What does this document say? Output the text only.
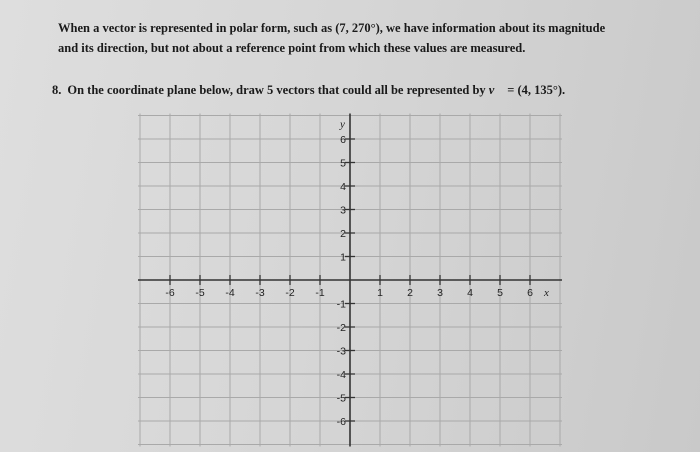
When a vector is represented in polar form, such as (7, 270°), we have information about its magnitude
and its direction, but not about a reference point from which these values are measured.
8. On the coordinate plane below, draw 5 vectors that could all be represented by v⃗ = (4, 135°).
-6 -5 -4 -3 -2 -1	1 2 3 4 5 6
6
5
4
3
2
1
-1
-2
-3
-4
-5
-6
x
y
